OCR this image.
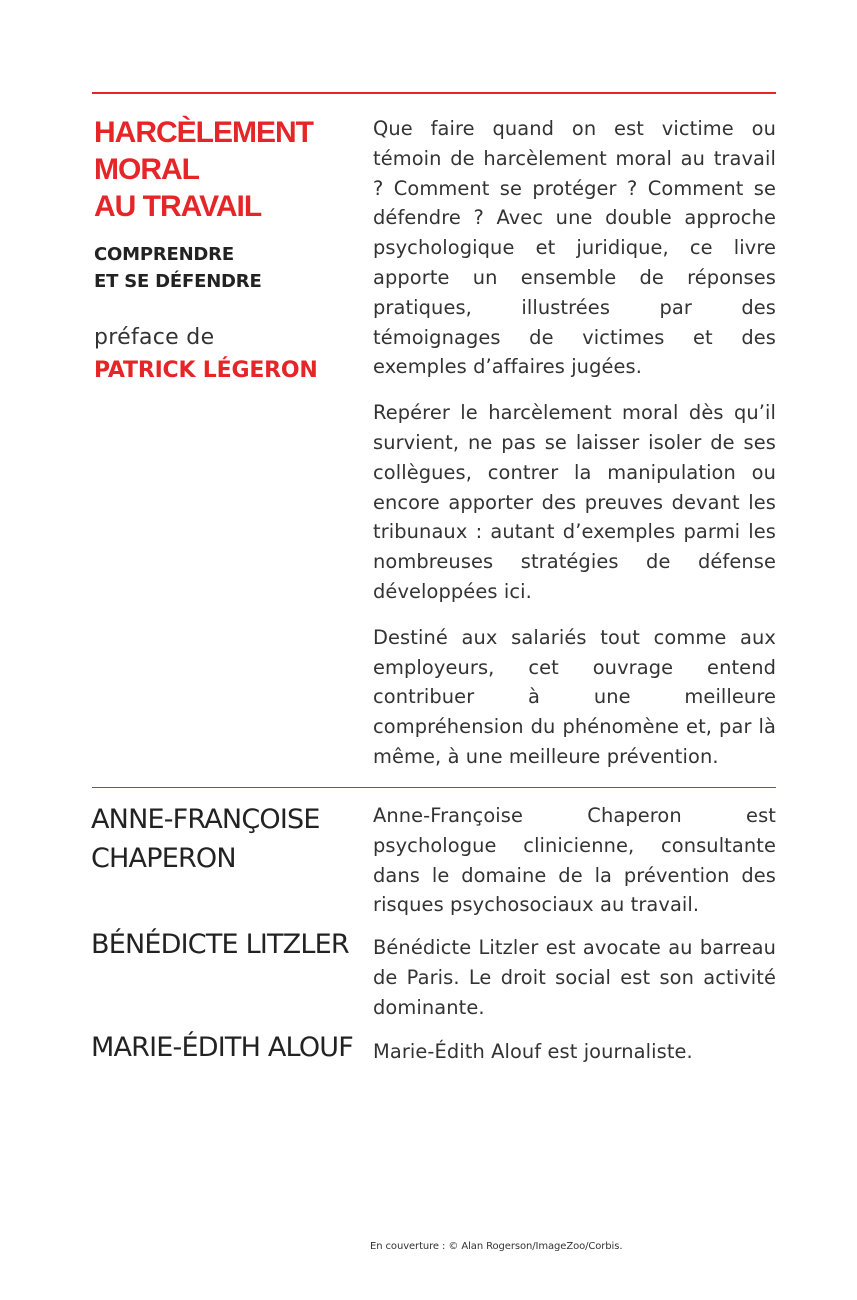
HARCÈLEMENT
MORAL
AU TRAVAIL
COMPRENDRE
ET SE DÉFENDRE
préface de
PATRICK LÉGERON

Que faire quand on est victime ou témoin de harcèlement moral au travail ? Comment se protéger ? Comment se défendre ? Avec une double approche psychologique et juridique, ce livre apporte un ensemble de réponses pratiques, illustrées par des témoignages de victimes et des exemples d’affaires jugées.

Repérer le harcèlement moral dès qu’il survient, ne pas se laisser isoler de ses collègues, contrer la manipulation ou encore apporter des preuves devant les tribunaux : autant d’exemples parmi les nombreuses stratégies de défense développées ici.

Destiné aux salariés tout comme aux employeurs, cet ouvrage entend contribuer à une meilleure compréhension du phénomène et, par là même, à une meilleure prévention.

ANNE-FRANÇOISE
CHAPERON

Anne-Françoise Chaperon est psychologue clinicienne, consultante dans le domaine de la prévention des risques psychosociaux au travail.

BÉNÉDICTE LITZLER	Bénédicte Litzler est avocate au barreau de Paris. Le droit social est son activité dominante.

MARIE-ÉDITH ALOUF	Marie-Édith Alouf est journaliste.

En couverture : © Alan Rogerson/ImageZoo/Corbis.
